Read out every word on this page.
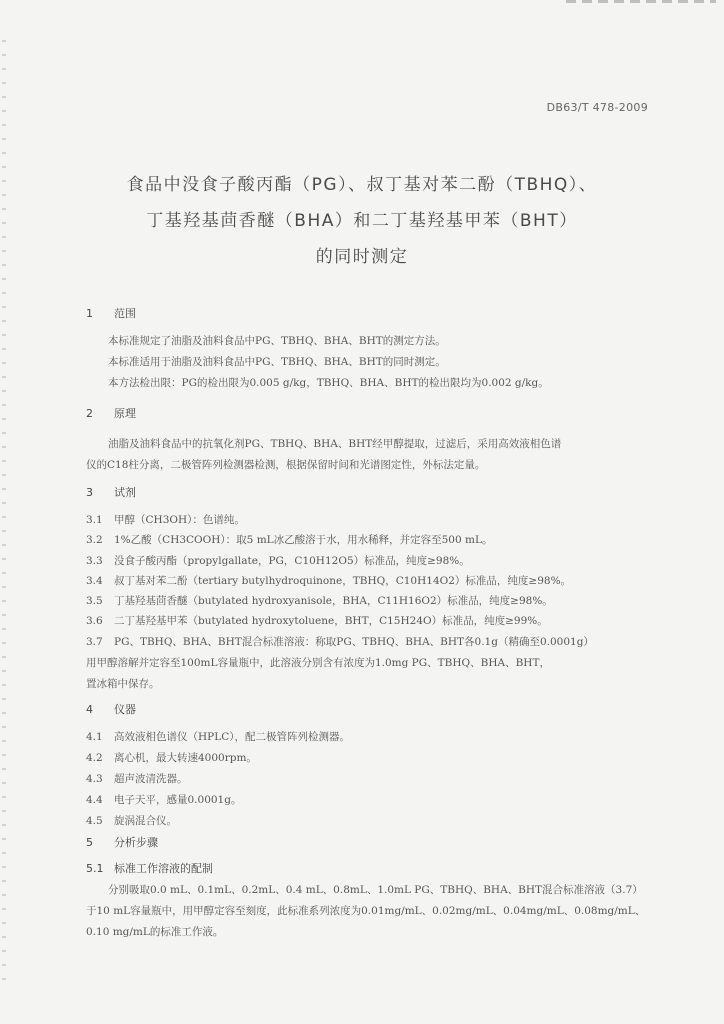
DB63/T 478-2009
食品中没食子酸丙酯（PG）、叔丁基对苯二酚（TBHQ）、
丁基羟基茴香醚（BHA）和二丁基羟基甲苯（BHT）
的同时测定
1 范围
本标准规定了油脂及油料食品中PG、TBHQ、BHA、BHT的测定方法。
本标准适用于油脂及油料食品中PG、TBHQ、BHA、BHT的同时测定。
本方法检出限：PG的检出限为0.005 g/kg，TBHQ、BHA、BHT的检出限均为0.002 g/kg。
2 原理
油脂及油料食品中的抗氧化剂PG、TBHQ、BHA、BHT经甲醇提取，过滤后，采用高效液相色谱
仪的C18柱分离，二极管阵列检测器检测，根据保留时间和光谱图定性，外标法定量。
3 试剂
3.1 甲醇（CH3OH）：色谱纯。
3.2 1%乙酸（CH3COOH）：取5 mL冰乙酸溶于水，用水稀释，并定容至500 mL。
3.3 没食子酸丙酯（propylgallate，PG，C10H12O5）标准品，纯度≥98%。
3.4 叔丁基对苯二酚（tertiary butylhydroquinone，TBHQ，C10H14O2）标准品，纯度≥98%。
3.5 丁基羟基茴香醚（butylated hydroxyanisole，BHA，C11H16O2）标准品，纯度≥98%。
3.6 二丁基羟基甲苯（butylated hydroxytoluene，BHT，C15H24O）标准品，纯度≥99%。
3.7 PG、TBHQ、BHA、BHT混合标准溶液：称取PG、TBHQ、BHA、BHT各0.1g（精确至0.0001g）
用甲醇溶解并定容至100mL容量瓶中，此溶液分别含有浓度为1.0mg PG、TBHQ、BHA、BHT，
置冰箱中保存。
4 仪器
4.1 高效液相色谱仪（HPLC），配二极管阵列检测器。
4.2 离心机，最大转速4000rpm。
4.3 超声波清洗器。
4.4 电子天平，感量0.0001g。
4.5 旋涡混合仪。
5 分析步骤
5.1 标准工作溶液的配制
分别吸取0.0 mL、0.1mL、0.2mL、0.4 mL、0.8mL、1.0mL PG、TBHQ、BHA、BHT混合标准溶液（3.7）
于10 mL容量瓶中，用甲醇定容至刻度，此标准系列浓度为0.01mg/mL、0.02mg/mL、0.04mg/mL、0.08mg/mL、
0.10 mg/mL的标准工作液。
